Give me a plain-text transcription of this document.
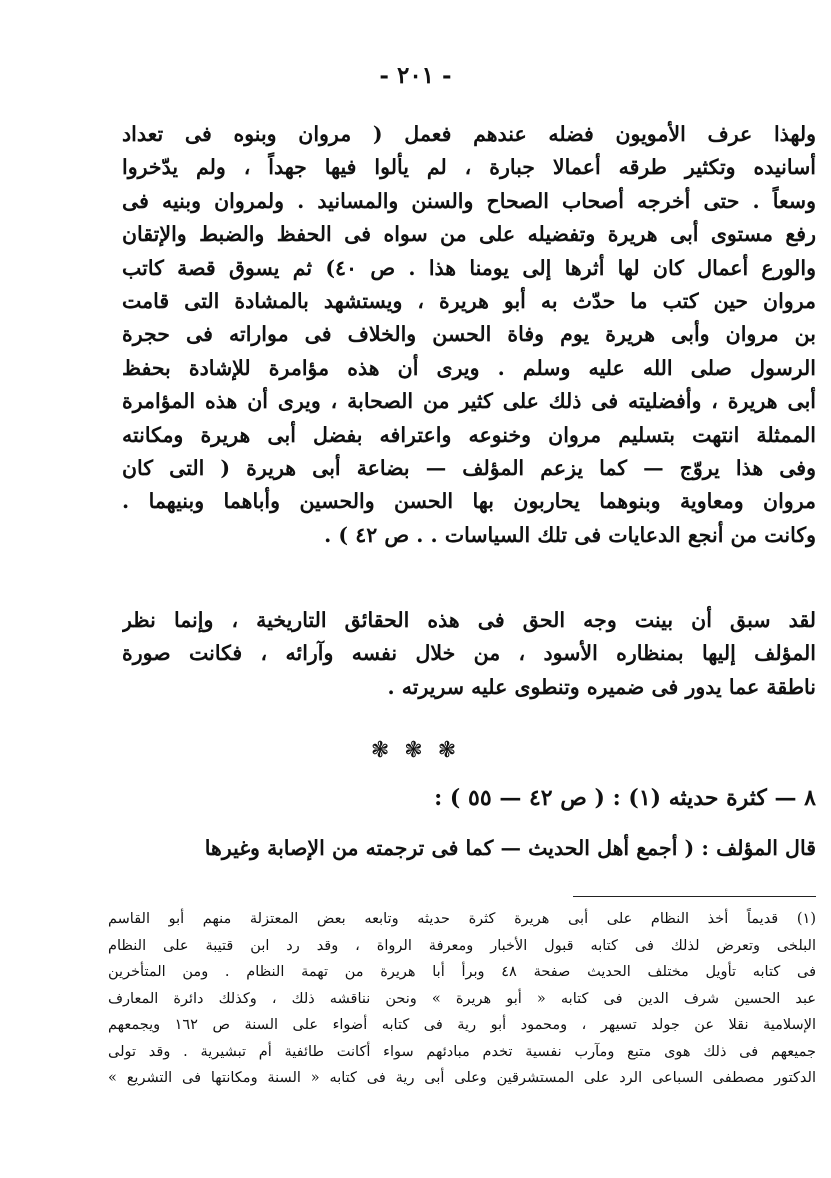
- ٢٠١ -
ولهذا عرف الأمويون فضله عندهم فعمل ( مروان وبنوه فى تعداد
أسانيده وتكثير طرقه أعمالا جبارة ، لم يألوا فيها جهداً ، ولم يدّخروا
وسعاً . حتى أخرجه أصحاب الصحاح والسنن والمسانيد . ولمروان وبنيه فى
رفع مستوى أبى هريرة وتفضيله على من سواه فى الحفظ والضبط والإتقان
والورع أعمال كان لها أثرها إلى يومنا هذا . ص ٤٠) ثم يسوق قصة كاتب
مروان حين كتب ما حدّث به أبو هريرة ، ويستشهد بالمشادة التى قامت
بن مروان وأبى هريرة يوم وفاة الحسن والخلاف فى مواراته فى حجرة
الرسول صلى الله عليه وسلم . ويرى أن هذه مؤامرة للإشادة بحفظ
أبى هريرة ، وأفضليته فى ذلك على كثير من الصحابة ، ويرى أن هذه المؤامرة
الممثلة انتهت بتسليم مروان وخنوعه واعترافه بفضل أبى هريرة ومكانته
وفى هذا يروّج — كما يزعم المؤلف — بضاعة أبى هريرة ( التى كان
مروان ومعاوية وبنوهما يحاربون بها الحسن والحسين وأباهما وبنيهما .
وكانت من أنجع الدعايات فى تلك السياسات . . ص ٤٢ ) .
لقد سبق أن بينت وجه الحق فى هذه الحقائق التاريخية ، وإنما نظر
المؤلف إليها بمنظاره الأسود ، من خلال نفسه وآرائه ، فكانت صورة
ناطقة عما يدور فى ضميره وتنطوى عليه سريرته .
❃ ❃ ❃
٨ — كثرة حديثه (١) : ( ص ٤٢ — ٥٥ ) :
قال المؤلف : ( أجمع أهل الحديث — كما فى ترجمته من الإصابة وغيرها
(١) قديماً أخذ النظام على أبى هريرة كثرة حديثه وتابعه بعض المعتزلة منهم أبو القاسم
البلخى وتعرض لذلك فى كتابه قبول الأخبار ومعرفة الرواة ، وقد رد ابن قتيبة على النظام
فى كتابه تأويل مختلف الحديث صفحة ٤٨ وبرأ أبا هريرة من تهمة النظام . ومن المتأخرين
عبد الحسين شرف الدين فى كتابه « أبو هريرة » ونحن نناقشه ذلك ، وكذلك دائرة المعارف
الإسلامية نقلا عن جولد تسيهر ، ومحمود أبو رية فى كتابه أضواء على السنة ص ١٦٢ ويجمعهم
جميعهم فى ذلك هوى متبع ومآرب نفسية تخدم مبادئهم سواء أكانت طائفية أم تبشيرية . وقد تولى
الدكتور مصطفى السباعى الرد على المستشرقين وعلى أبى رية فى كتابه « السنة ومكانتها فى التشريع »
